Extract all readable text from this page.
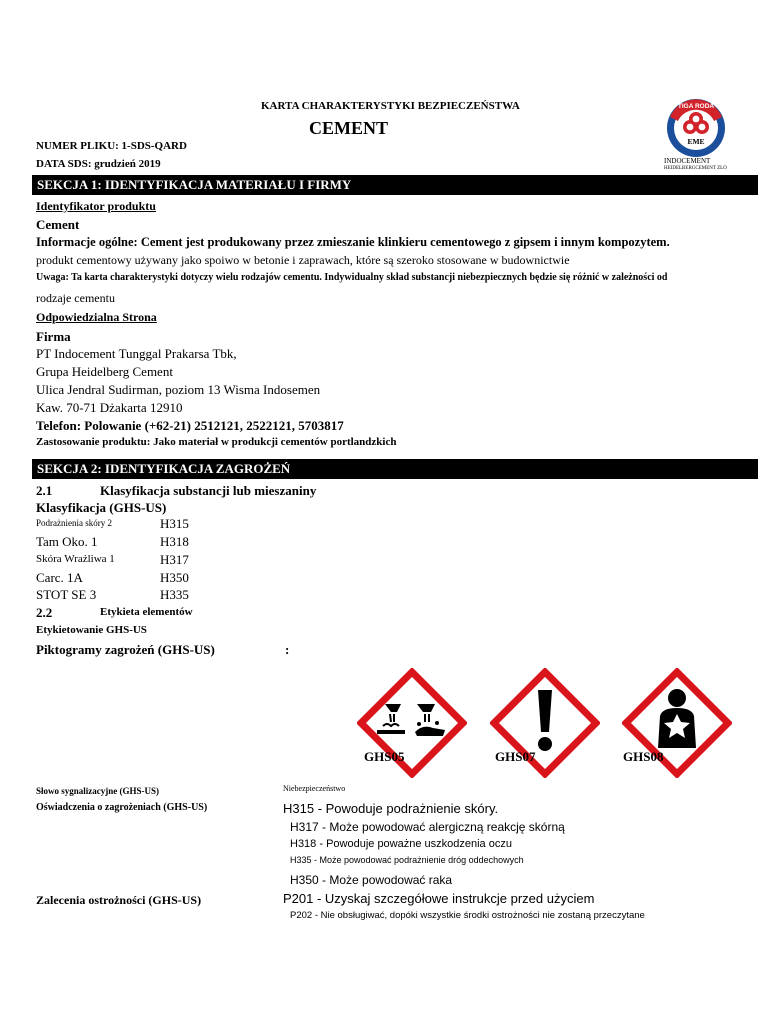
KARTA CHARAKTERYSTYKI BEZPIECZEŃSTWA
CEMENT
NUMER PLIKU: 1-SDS-QARD
DATA SDS: grudzień 2019
TIGA RODA
EME
INDOCEMENT
HEIDELBERGCEMENT ZLO
SEKCJA 1: IDENTYFIKACJA MATERIAŁU I FIRMY
Identyfikator produktu
Cement
Informacje ogólne: Cement jest produkowany przez zmieszanie klinkieru cementowego z gipsem i innym kompozytem.
produkt cementowy używany jako spoiwo w betonie i zaprawach, które są szeroko stosowane w budownictwie
Uwaga: Ta karta charakterystyki dotyczy wielu rodzajów cementu. Indywidualny skład substancji niebezpiecznych będzie się różnić w zależności od
rodzaje cementu
Odpowiedzialna Strona
Firma
PT Indocement Tunggal Prakarsa Tbk,
Grupa Heidelberg Cement
Ulica Jendral Sudirman, poziom 13 Wisma Indosemen
Kaw. 70-71 Dżakarta 12910
Telefon: Polowanie (+62-21) 2512121, 2522121, 5703817
Zastosowanie produktu: Jako materiał w produkcji cementów portlandzkich
SEKCJA 2: IDENTYFIKACJA ZAGROŻEŃ
2.1	Klasyfikacja substancji lub mieszaniny
Klasyfikacja (GHS-US)
Podrażnienia skóry 2	H315
Tam Oko. 1	H318
Skóra Wrażliwa 1	H317
Carc. 1A	H350
STOT SE 3	H335
2.2	Etykieta elementów
Etykietowanie GHS-US
Piktogramy zagrożeń (GHS-US)	:
GHS05	GHS07	GHS08
Słowo sygnalizacyjne (GHS-US)	Niebezpieczeństwo
Oświadczenia o zagrożeniach (GHS-US)	H315 - Powoduje podrażnienie skóry.
H317 - Może powodować alergiczną reakcję skórną
H318 - Powoduje poważne uszkodzenia oczu
H335 - Może powodować podrażnienie dróg oddechowych
H350 - Może powodować raka
Zalecenia ostrożności (GHS-US)	P201 - Uzyskaj szczegółowe instrukcje przed użyciem
P202 - Nie obsługiwać, dopóki wszystkie środki ostrożności nie zostaną przeczytane
